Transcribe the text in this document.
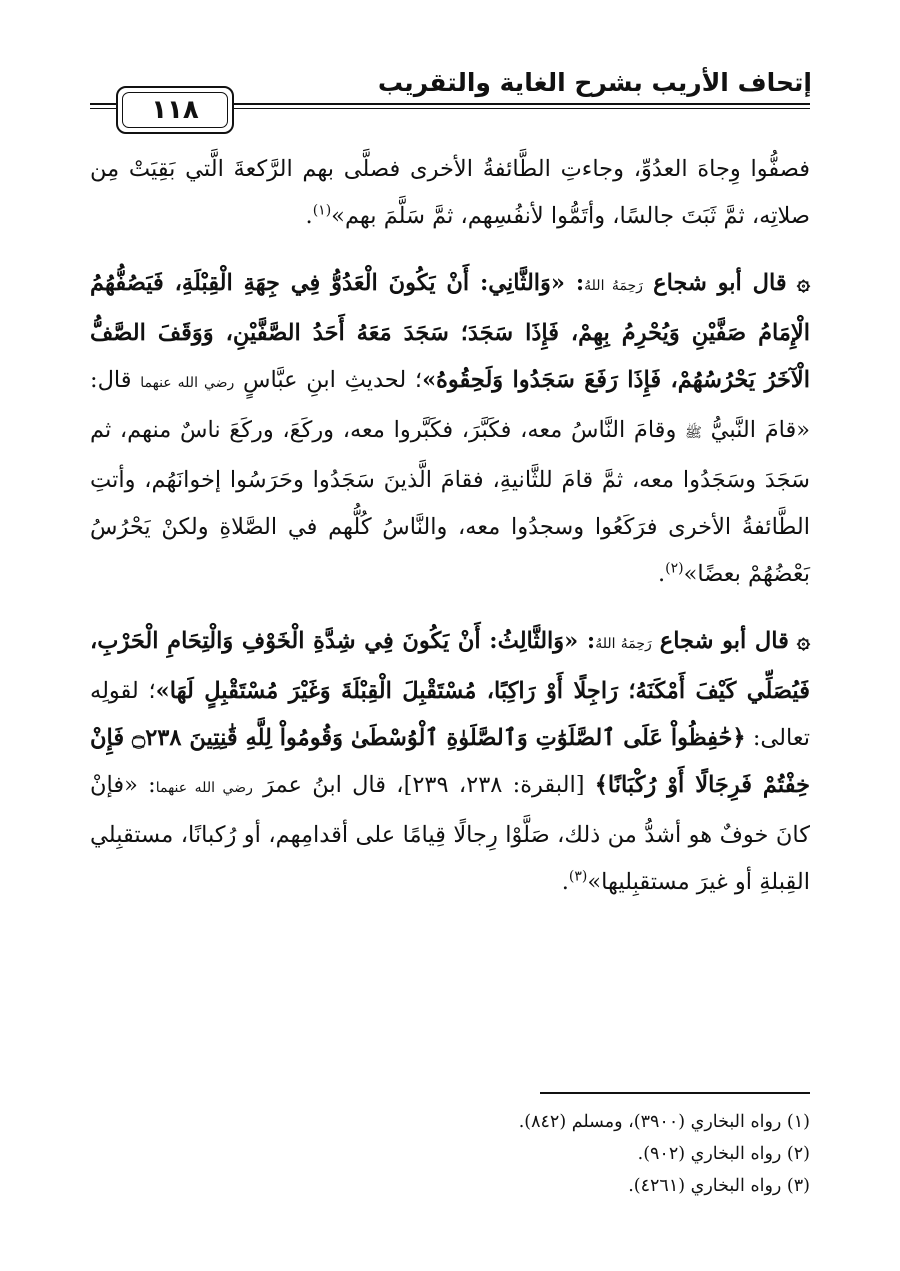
إتحاف الأريب بشرح الغاية والتقريب
١١٨

فصفُّوا وِجاهَ العدُوِّ، وجاءتِ الطَّائفةُ الأخرى فصلَّى بهم الرَّكعةَ الَّتي بَقِيَتْ مِن صلاتِه، ثمَّ ثَبَتَ جالسًا، وأتَمُّوا لأنفُسِهم، ثمَّ سَلَّمَ بهم»$^{(١)}$.

۞ قال أبو شجاع رَحِمَهُ اللهُ: «وَالثَّانِي: أَنْ يَكُونَ الْعَدُوُّ فِي جِهَةِ الْقِبْلَةِ، فَيَصُفُّهُمُ الْإِمَامُ صَفَّيْنِ وَيُحْرِمُ بِهِمْ، فَإِذَا سَجَدَ؛ سَجَدَ مَعَهُ أَحَدُ الصَّفَّيْنِ، وَوَقَفَ الصَّفُّ الْآخَرُ يَحْرُسُهُمْ، فَإِذَا رَفَعَ سَجَدُوا وَلَحِقُوهُ»؛ لحديثِ ابنِ عبَّاسٍ رضي الله عنهما قال: «قامَ النَّبيُّ ﷺ وقامَ النَّاسُ معه، فكَبَّرَ، فكَبَّروا معه، وركَعَ، وركَعَ ناسٌ منهم، ثم سَجَدَ وسَجَدُوا معه، ثمَّ قامَ للثَّانيةِ، فقامَ الَّذينَ سَجَدُوا وحَرَسُوا إخوانَهُم، وأتتِ الطَّائفةُ الأخرى فرَكَعُوا وسجدُوا معه، والنَّاسُ كُلُّهم في الصَّلاةِ ولكنْ يَحْرُسُ بَعْضُهُمْ بعضًا»$^{(٢)}$.

۞ قال أبو شجاع رَحِمَهُ اللهُ: «وَالثَّالِثُ: أَنْ يَكُونَ فِي شِدَّةِ الْخَوْفِ وَالْتِحَامِ الْحَرْبِ، فَيُصَلِّي كَيْفَ أَمْكَنَهُ؛ رَاجِلًا أَوْ رَاكِبًا، مُسْتَقْبِلَ الْقِبْلَةَ وَغَيْرَ مُسْتَقْبِلٍ لَهَا»؛ لقولِه تعالى: ﴿حَٰفِظُواْ عَلَى ٱلصَّلَوَٰتِ وَٱلصَّلَوٰةِ ٱلْوُسْطَىٰ وَقُومُواْ لِلَّهِ قَٰنِتِينَ ۝٢٣٨ فَإِنْ خِفْتُمْ فَرِجَالًا أَوْ رُكْبَانًا﴾ [البقرة: ٢٣٨، ٢٣٩]، قال ابنُ عمرَ رضي الله عنهما: «فإنْ كانَ خوفٌ هو أشدُّ من ذلك، صَلَّوْا رِجالًا قِيامًا على أقدامِهم، أو رُكبانًا، مستقبِلي القِبلةِ أو غيرَ مستقبِليها»$^{(٣)}$.

(١) رواه البخاري (٣٩٠٠)، ومسلم (٨٤٢).
(٢) رواه البخاري (٩٠٢).
(٣) رواه البخاري (٤٢٦١).
